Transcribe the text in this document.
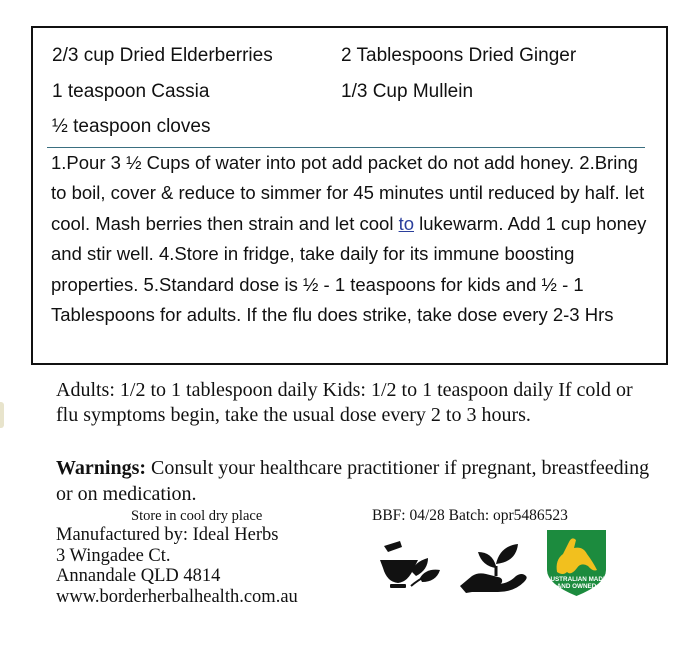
2/3 cup Dried Elderberries	2 Tablespoons Dried Ginger
1 teaspoon Cassia	1/3 Cup Mullein
½ teaspoon cloves
1.Pour 3 ½ Cups of water into pot add packet do not add honey. 2.Bring to boil, cover & reduce to simmer for 45 minutes until reduced by half. let cool. Mash berries then strain and let cool to lukewarm. Add 1 cup honey and stir well. 4.Store in fridge, take daily for its immune boosting properties. 5.Standard dose is ½ - 1 teaspoons for kids and ½ - 1 Tablespoons for adults. If the flu does strike, take dose every 2-3 Hrs
Adults: 1/2 to 1 tablespoon daily Kids: 1/2 to 1 teaspoon daily If cold or flu symptoms begin, take the usual dose every 2 to 3 hours.
Warnings: Consult your healthcare practitioner if pregnant, breastfeeding or on medication.
Store in cool dry place	BBF: 04/28 Batch: opr5486523
Manufactured by: Ideal Herbs
3 Wingadee Ct.
Annandale QLD 4814
www.borderherbalhealth.com.au
AUSTRALIAN MADE
AND OWNED
